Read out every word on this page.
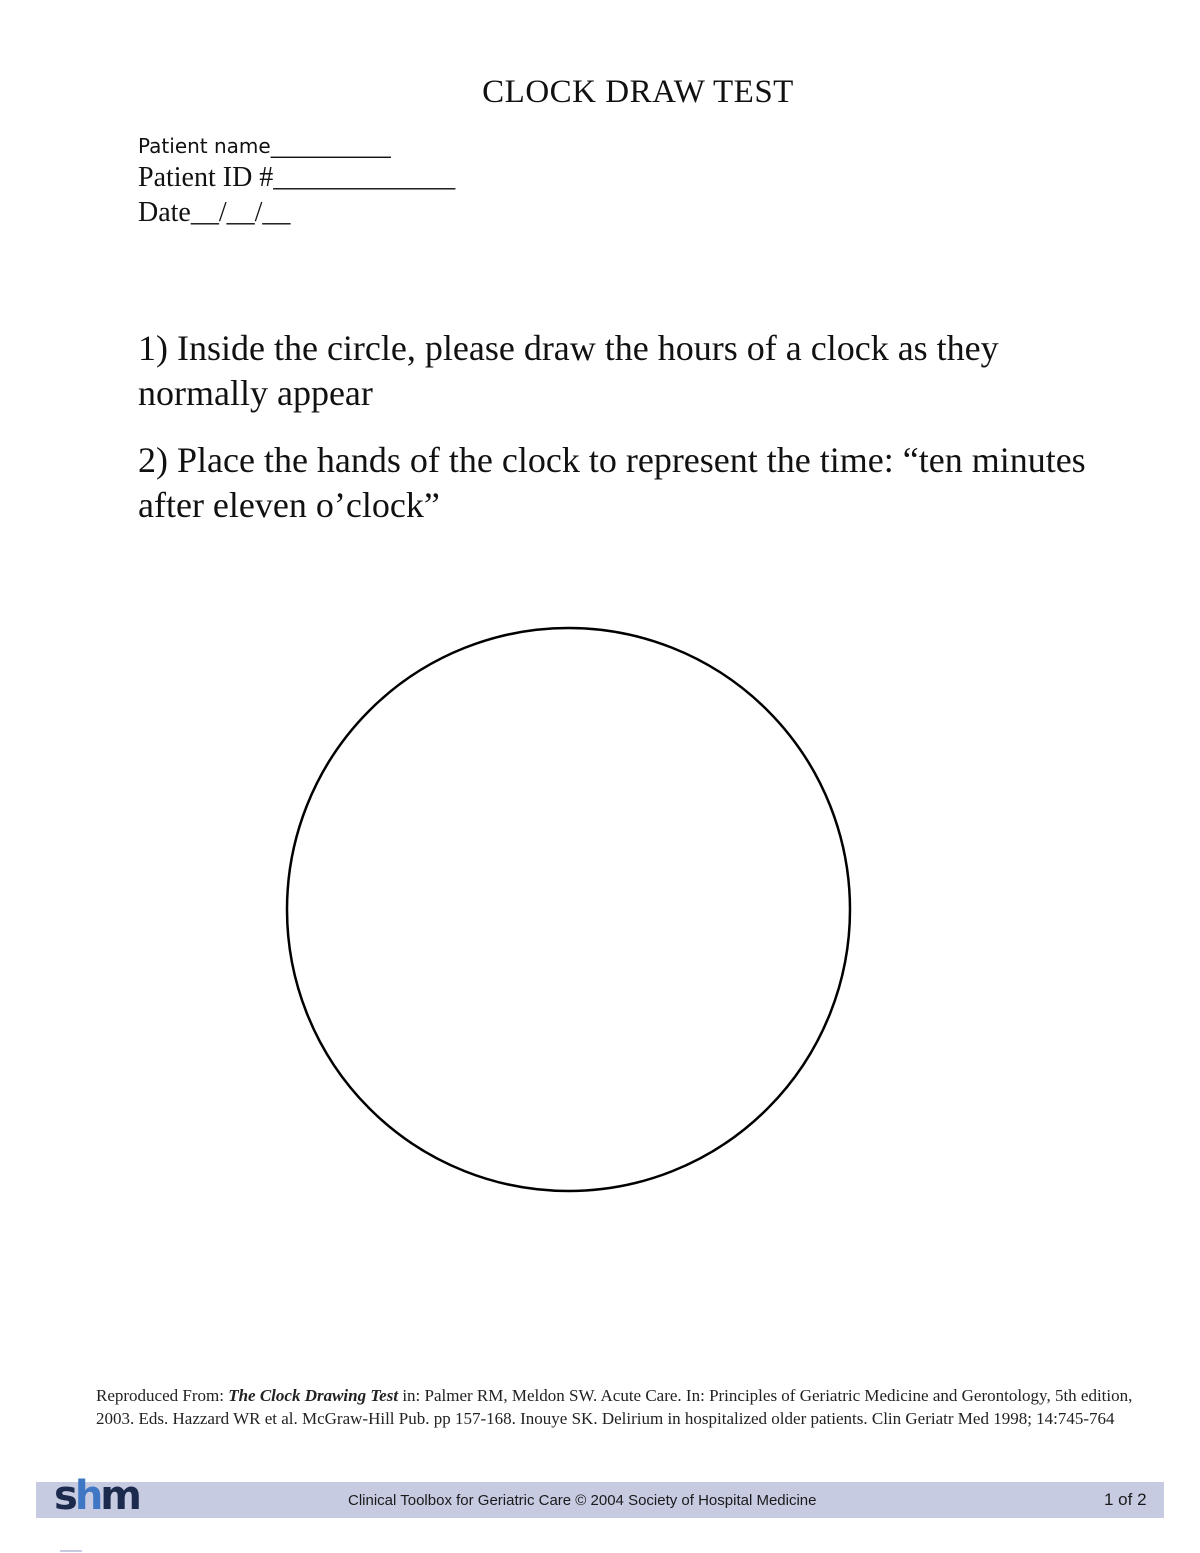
CLOCK DRAW TEST
Patient name____________
Patient ID #_____________
Date__/__/__

1) Inside the circle, please draw the hours of a clock as they normally appear

2) Place the hands of the clock to represent the time: “ten minutes after eleven o’clock”

Reproduced From: The Clock Drawing Test in: Palmer RM, Meldon SW. Acute Care. In: Principles of Geriatric Medicine and Gerontology, 5th edition, 2003. Eds. Hazzard WR et al. McGraw-Hill Pub. pp 157-168. Inouye SK. Delirium in hospitalized older patients. Clin Geriatr Med 1998; 14:745-764
shm	Clinical Toolbox for Geriatric Care © 2004 Society of Hospital Medicine	1 of 2
